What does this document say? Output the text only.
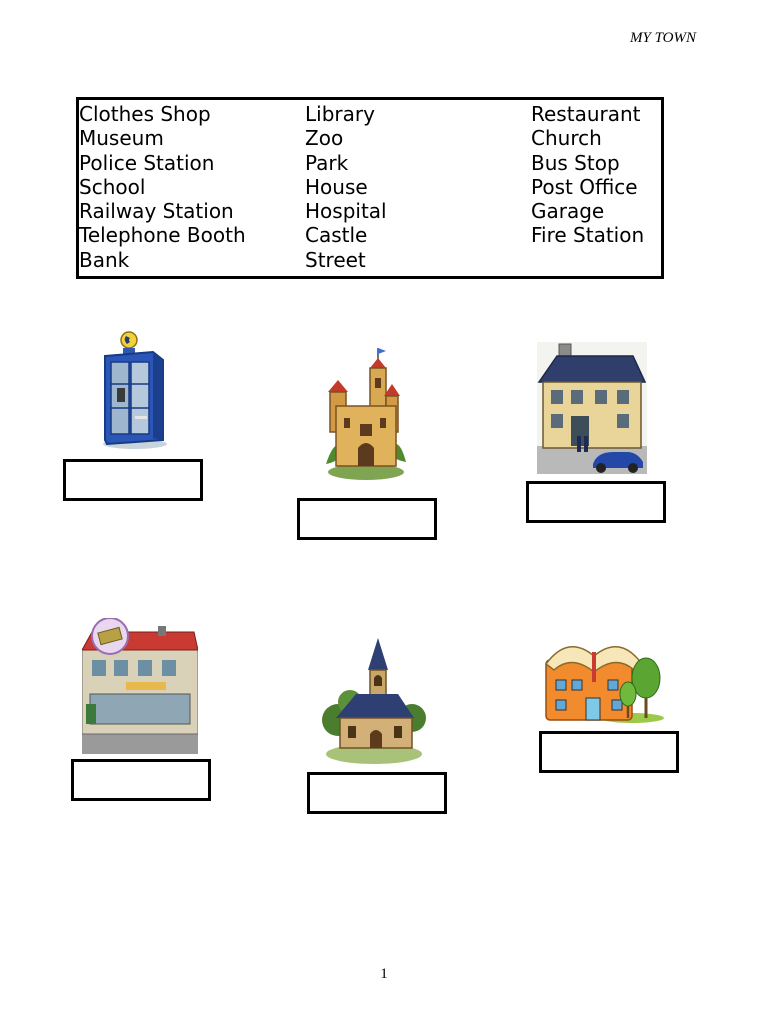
MY TOWN
Clothes Shop
Museum
Police Station
School
Railway Station
Telephone Booth
Bank
Library
Zoo
Park
House
Hospital
Castle
Street
Restaurant
Church
Bus Stop
Post Office
Garage
Fire Station
1
